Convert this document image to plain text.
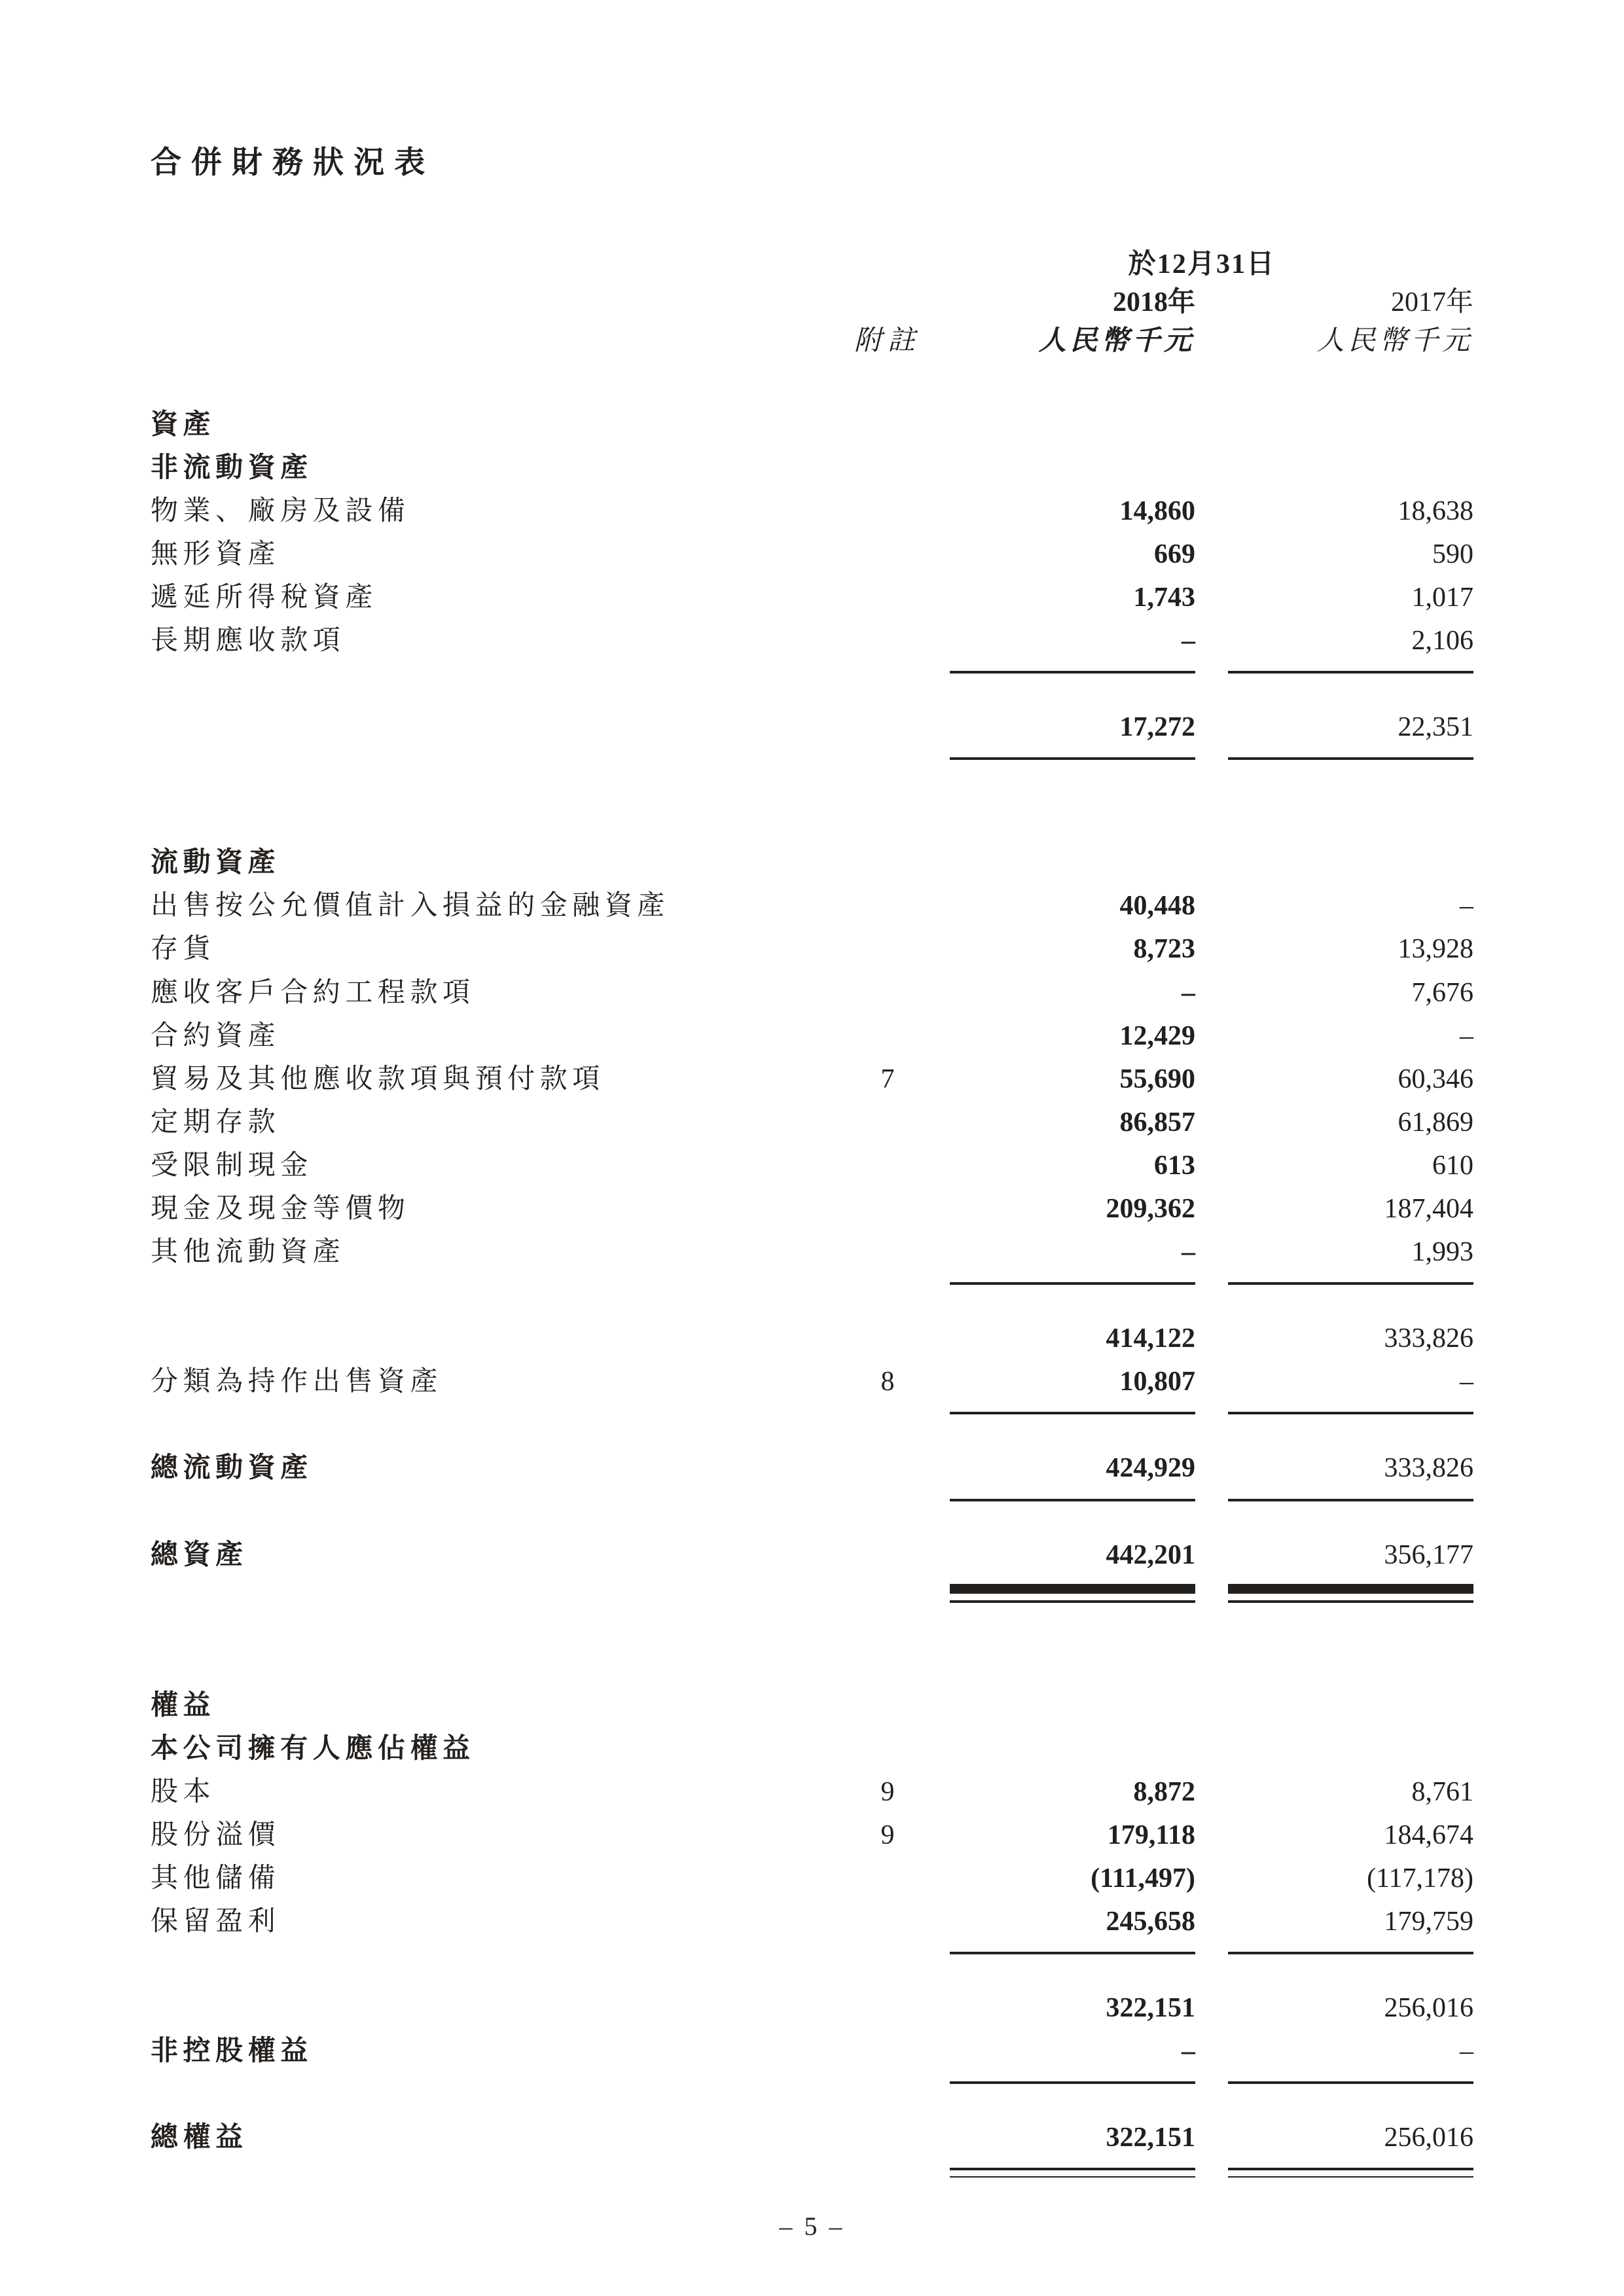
合併財務狀況表

於12月31日

2018年	2017年

附註	人民幣千元	人民幣千元
資產

非流動資產

物業、廠房及設備
	14,860	18,638
無形資產
	669	590
遞延所得稅資產
	1,743	1,017
長期應收款項
	–	2,106

17,272	22,351
流動資產

出售按公允價值計入損益的金融資產
	40,448	–
存貨
	8,723	13,928
應收客戶合約工程款項
	–	7,676
合約資產
	12,429	–
貿易及其他應收款項與預付款項	7	55,690	60,346
定期存款
	86,857	61,869
受限制現金
	613	610
現金及現金等價物
	209,362	187,404
其他流動資產
	–	1,993

414,122	333,826
分類為持作出售資產	8	10,807	–
總流動資產
	424,929	333,826
總資產
	442,201	356,177
權益

本公司擁有人應佔權益

股本	9	8,872	8,761
股份溢價	9	179,118	184,674
其他儲備
	(111,497)	(117,178)
保留盈利
	245,658	179,759

322,151	256,016
非控股權益
	–	–
總權益
	322,151	256,016
– 5 –
